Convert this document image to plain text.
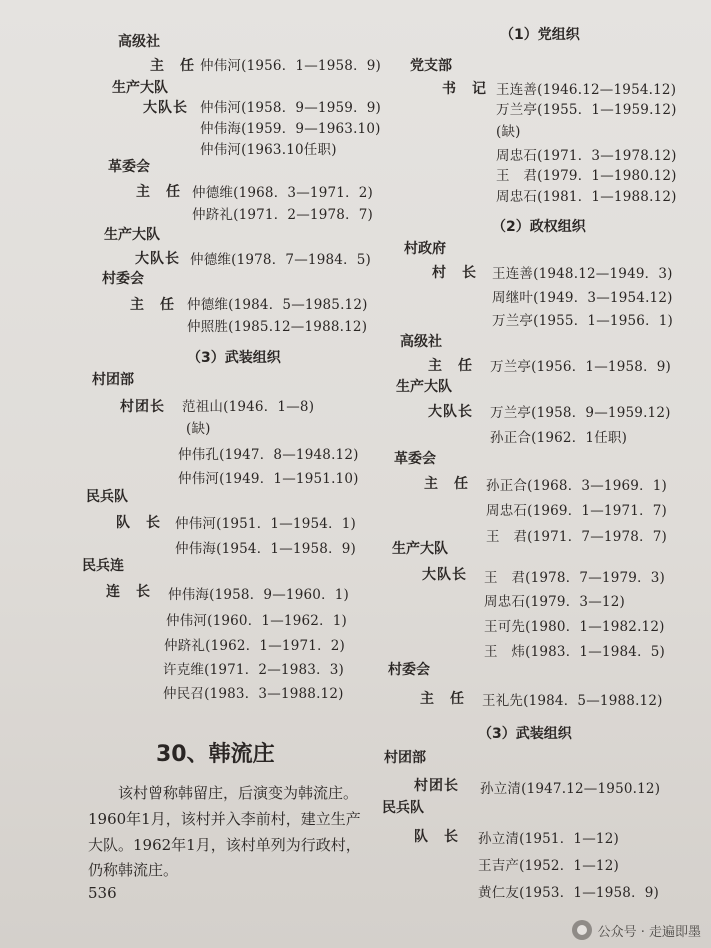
高级社
主　任 仲伟河(1956．1—1958．9)
生产大队
大队长 仲伟河(1958．9—1959．9)
仲伟海(1959．9—1963.10)
仲伟河(1963.10任职)
革委会
主　任 仲德维(1968．3—1971．2)
仲跻礼(1971．2—1978．7)
生产大队
大队长 仲德维(1978．7—1984．5)
村委会
主　任 仲德维(1984．5—1985.12)
仲照胜(1985.12—1988.12)
（3）武装组织
村团部
村团长 范祖山(1946．1—8)
(缺)
仲伟孔(1947．8—1948.12)
仲伟河(1949．1—1951.10)
民兵队
队　长 仲伟河(1951．1—1954．1)
仲伟海(1954．1—1958．9)
民兵连
连　长 仲伟海(1958．9—1960．1)
仲伟河(1960．1—1962．1)
仲跻礼(1962．1—1971．2)
许克维(1971．2—1983．3)
仲民召(1983．3—1988.12)
30、韩流庄
该村曾称韩留庄，后演变为韩流庄。
1960年1月，该村并入李前村，建立生产
大队。1962年1月，该村单列为行政村，
仍称韩流庄。
536
（1）党组织
党支部
书　记 王连善(1946.12—1954.12)
万兰亭(1955．1—1959.12)
(缺)
周忠石(1971．3—1978.12)
王　君(1979．1—1980.12)
周忠石(1981．1—1988.12)
（2）政权组织
村政府
村　长 王连善(1948.12—1949．3)
周继叶(1949．3—1954.12)
万兰亭(1955．1—1956．1)
高级社
主　任 万兰亭(1956．1—1958．9)
生产大队
大队长 万兰亭(1958．9—1959.12)
孙正合(1962．1任职)
革委会
主　任 孙正合(1968．3—1969．1)
周忠石(1969．1—1971．7)
王　君(1971．7—1978．7)
生产大队
大队长 王　君(1978．7—1979．3)
周忠石(1979．3—12)
王可先(1980．1—1982.12)
王　炜(1983．1—1984．5)
村委会
主　任 王礼先(1984．5—1988.12)
（3）武装组织
村团部
村团长 孙立清(1947.12—1950.12)
民兵队
队　长 孙立清(1951．1—12)
王吉产(1952．1—12)
黄仁友(1953．1—1958．9)
公众号 · 走遍即墨
